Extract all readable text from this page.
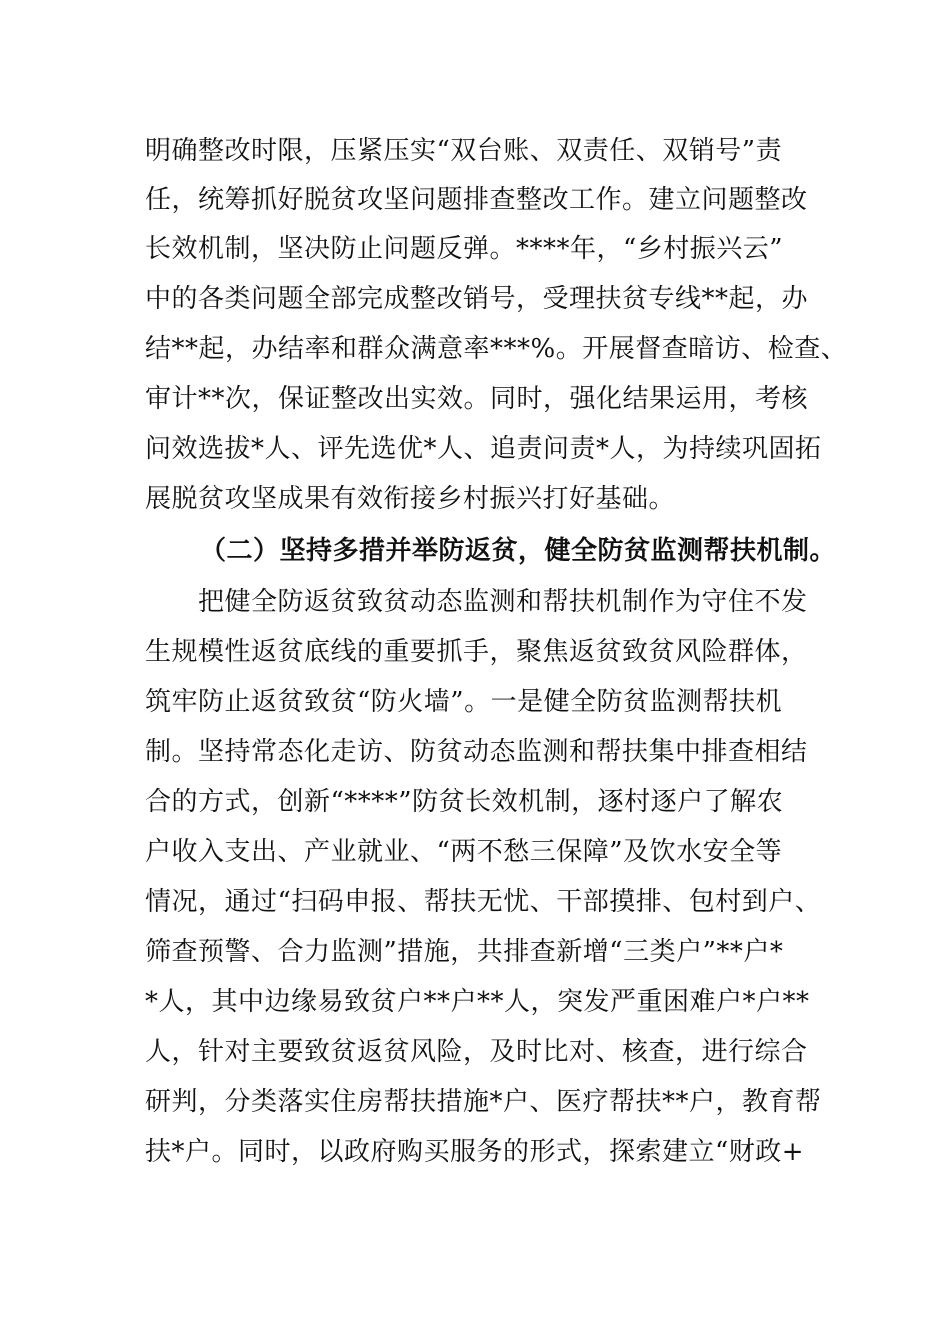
明确整改时限，压紧压实“双台账、双责任、双销号”责
任，统筹抓好脱贫攻坚问题排查整改工作。建立问题整改
长效机制，坚决防止问题反弹。****年，“乡村振兴云”
中的各类问题全部完成整改销号，受理扶贫专线**起，办
结**起，办结率和群众满意率***%。开展督查暗访、检查、
审计**次，保证整改出实效。同时，强化结果运用，考核
问效选拔*人、评先选优*人、追责问责*人，为持续巩固拓
展脱贫攻坚成果有效衔接乡村振兴打好基础。
（二）坚持多措并举防返贫，健全防贫监测帮扶机制。
把健全防返贫致贫动态监测和帮扶机制作为守住不发
生规模性返贫底线的重要抓手，聚焦返贫致贫风险群体，
筑牢防止返贫致贫“防火墙”。一是健全防贫监测帮扶机
制。坚持常态化走访、防贫动态监测和帮扶集中排查相结
合的方式，创新“****”防贫长效机制，逐村逐户了解农
户收入支出、产业就业、“两不愁三保障”及饮水安全等
情况，通过“扫码申报、帮扶无忧、干部摸排、包村到户、
筛查预警、合力监测”措施，共排查新增“三类户”**户*
*人，其中边缘易致贫户**户**人，突发严重困难户*户**
人，针对主要致贫返贫风险，及时比对、核查，进行综合
研判，分类落实住房帮扶措施*户、医疗帮扶**户，教育帮
扶*户。同时，以政府购买服务的形式，探索建立“财政+
